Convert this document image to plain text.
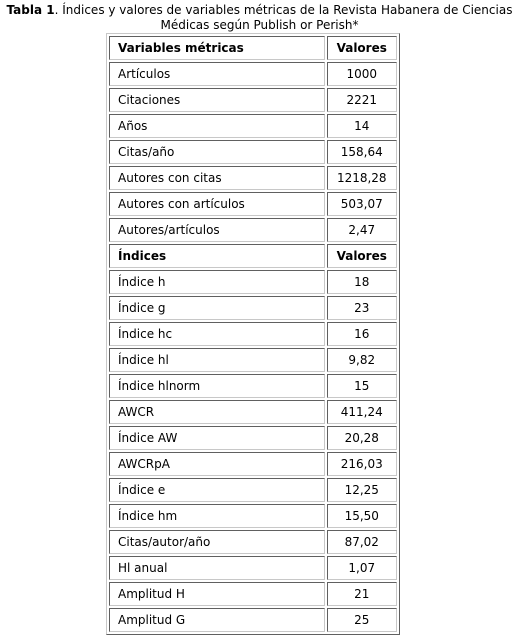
Tabla 1. Índices y valores de variables métricas de la Revista Habanera de Ciencias Médicas según Publish or Perish*
Variables métricas	Valores
Artículos	1000
Citaciones	2221
Años	14
Citas/año	158,64
Autores con citas	1218,28
Autores con artículos	503,07
Autores/artículos	2,47
Índices	Valores
Índice h	18
Índice g	23
Índice hc	16
Índice hl	9,82
Índice hlnorm	15
AWCR	411,24
Índice AW	20,28
AWCRpA	216,03
Índice e	12,25
Índice hm	15,50
Citas/autor/año	87,02
Hl anual	1,07
Amplitud H	21
Amplitud G	25
